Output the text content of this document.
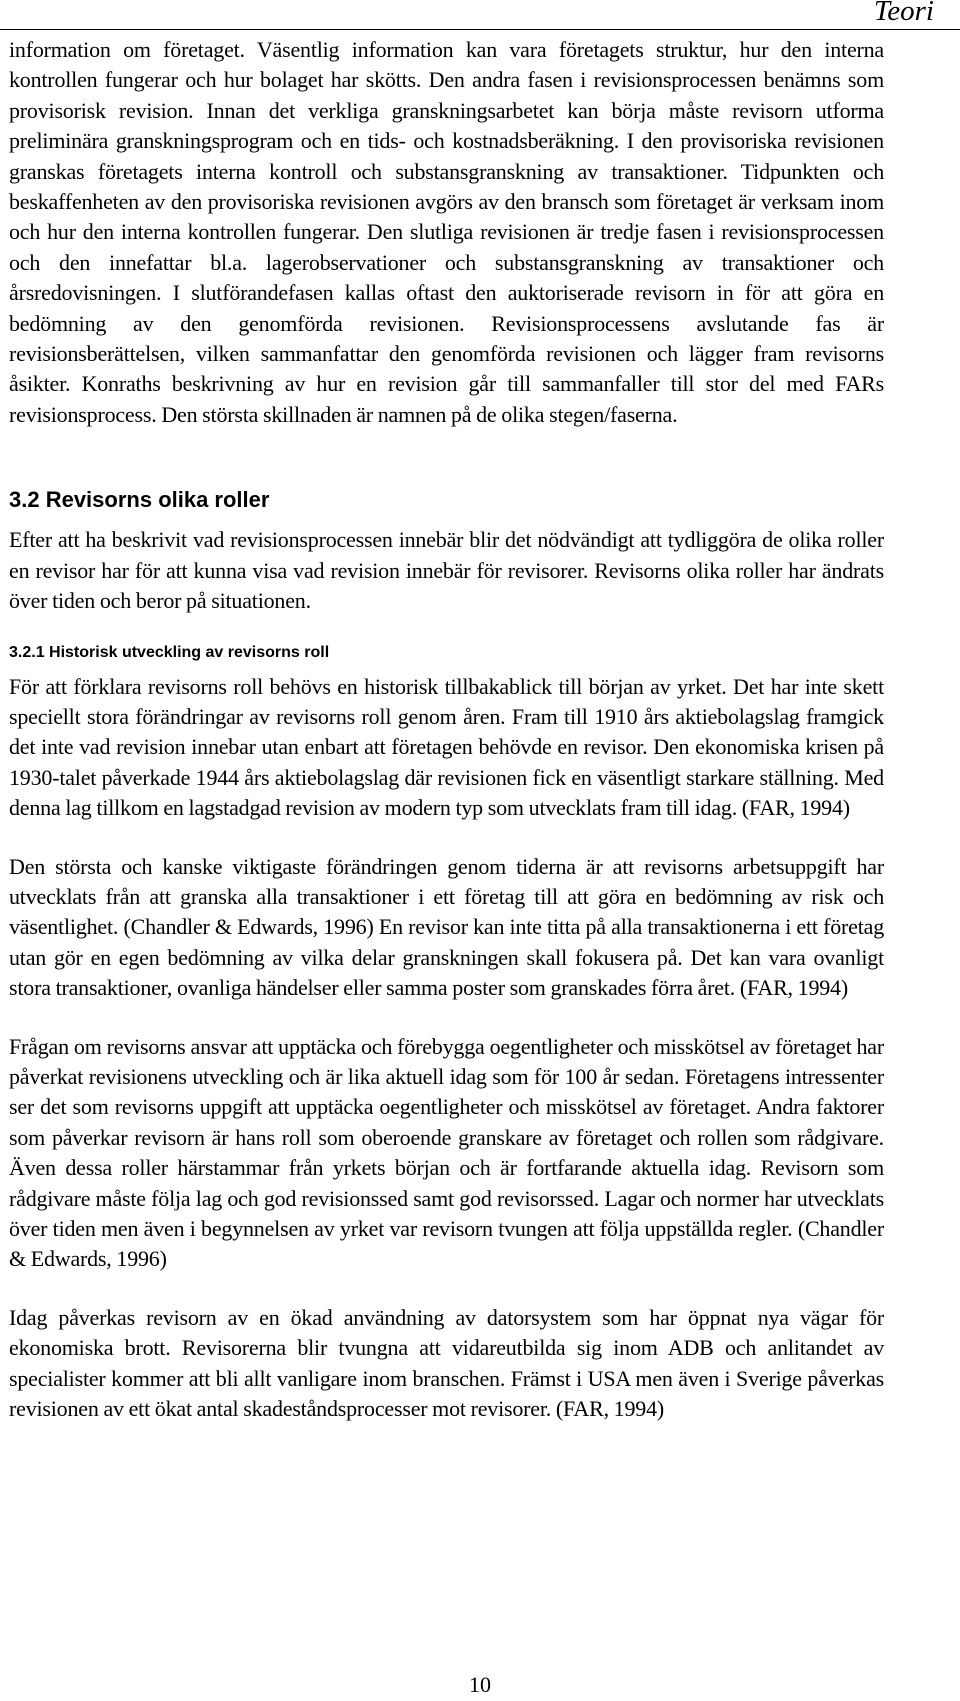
Teori

information om företaget. Väsentlig information kan vara företagets struktur, hur den interna kontrollen fungerar och hur bolaget har skötts. Den andra fasen i revisionsprocessen benämns som provisorisk revision. Innan det verkliga granskningsarbetet kan börja måste revisorn utforma preliminära granskningsprogram och en tids- och kostnadsberäkning. I den provisoriska revisionen granskas företagets interna kontroll och substansgranskning av transaktioner. Tidpunkten och beskaffenheten av den provisoriska revisionen avgörs av den bransch som företaget är verksam inom och hur den interna kontrollen fungerar. Den slutliga revisionen är tredje fasen i revisionsprocessen och den innefattar bl.a. lagerobservationer och substansgranskning av transaktioner och årsredovisningen. I slutförandefasen kallas oftast den auktoriserade revisorn in för att göra en bedömning av den genomförda revisionen. Revisionsprocessens avslutande fas är revisionsberättelsen, vilken sammanfattar den genomförda revisionen och lägger fram revisorns åsikter. Konraths beskrivning av hur en revision går till sammanfaller till stor del med FARs revisionsprocess. Den största skillnaden är namnen på de olika stegen/faserna.

3.2 Revisorns olika roller

Efter att ha beskrivit vad revisionsprocessen innebär blir det nödvändigt att tydliggöra de olika roller en revisor har för att kunna visa vad revision innebär för revisorer. Revisorns olika roller har ändrats över tiden och beror på situationen.

3.2.1 Historisk utveckling av revisorns roll

För att förklara revisorns roll behövs en historisk tillbakablick till början av yrket. Det har inte skett speciellt stora förändringar av revisorns roll genom åren. Fram till 1910 års aktiebolagslag framgick det inte vad revision innebar utan enbart att företagen behövde en revisor. Den ekonomiska krisen på 1930-talet påverkade 1944 års aktiebolagslag där revisionen fick en väsentligt starkare ställning. Med denna lag tillkom en lagstadgad revision av modern typ som utvecklats fram till idag. (FAR, 1994)

Den största och kanske viktigaste förändringen genom tiderna är att revisorns arbetsuppgift har utvecklats från att granska alla transaktioner i ett företag till att göra en bedömning av risk och väsentlighet. (Chandler & Edwards, 1996) En revisor kan inte titta på alla transaktionerna i ett företag utan gör en egen bedömning av vilka delar granskningen skall fokusera på. Det kan vara ovanligt stora transaktioner, ovanliga händelser eller samma poster som granskades förra året. (FAR, 1994)

Frågan om revisorns ansvar att upptäcka och förebygga oegentligheter och misskötsel av företaget har påverkat revisionens utveckling och är lika aktuell idag som för 100 år sedan. Företagens intressenter ser det som revisorns uppgift att upptäcka oegentligheter och misskötsel av företaget. Andra faktorer som påverkar revisorn är hans roll som oberoende granskare av företaget och rollen som rådgivare. Även dessa roller härstammar från yrkets början och är fortfarande aktuella idag. Revisorn som rådgivare måste följa lag och god revisionssed samt god revisorssed. Lagar och normer har utvecklats över tiden men även i begynnelsen av yrket var revisorn tvungen att följa uppställda regler. (Chandler & Edwards, 1996)

Idag påverkas revisorn av en ökad användning av datorsystem som har öppnat nya vägar för ekonomiska brott. Revisorerna blir tvungna att vidareutbilda sig inom ADB och anlitandet av specialister kommer att bli allt vanligare inom branschen. Främst i USA men även i Sverige påverkas revisionen av ett ökat antal skadeståndsprocesser mot revisorer. (FAR, 1994)

10
